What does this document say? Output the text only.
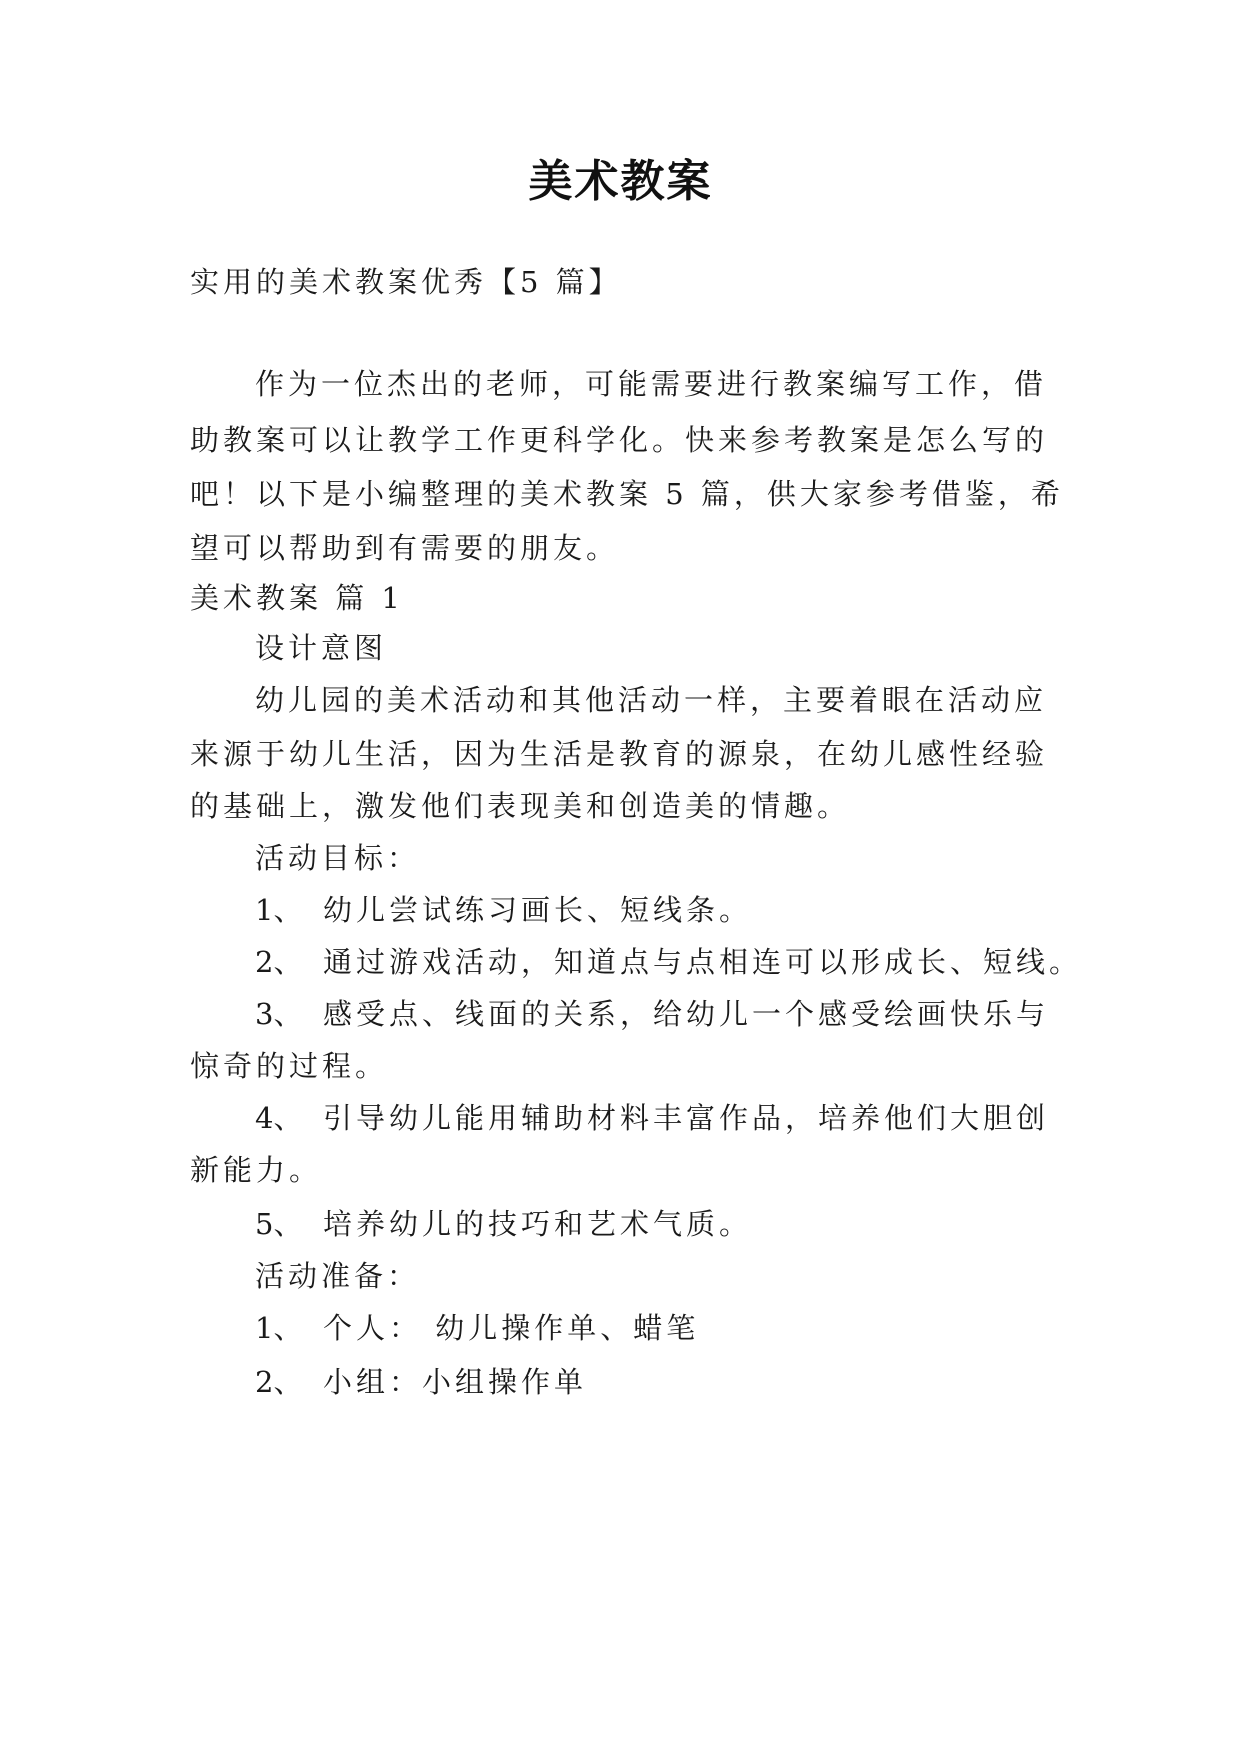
美术教案
实用的美术教案优秀【5 篇】
作为一位杰出的老师，可能需要进行教案编写工作，借
助教案可以让教学工作更科学化。快来参考教案是怎么写的
吧！以下是小编整理的美术教案 5 篇，供大家参考借鉴，希
望可以帮助到有需要的朋友。
美术教案 篇 1
设计意图
幼儿园的美术活动和其他活动一样，主要着眼在活动应
来源于幼儿生活，因为生活是教育的源泉，在幼儿感性经验
的基础上，激发他们表现美和创造美的情趣。
活动目标：
1、 幼儿尝试练习画长、短线条。
2、 通过游戏活动，知道点与点相连可以形成长、短线。
3、 感受点、线面的关系，给幼儿一个感受绘画快乐与
惊奇的过程。
4、 引导幼儿能用辅助材料丰富作品，培养他们大胆创
新能力。
5、 培养幼儿的技巧和艺术气质。
活动准备：
1、 个人： 幼儿操作单、蜡笔
2、 小组：小组操作单
